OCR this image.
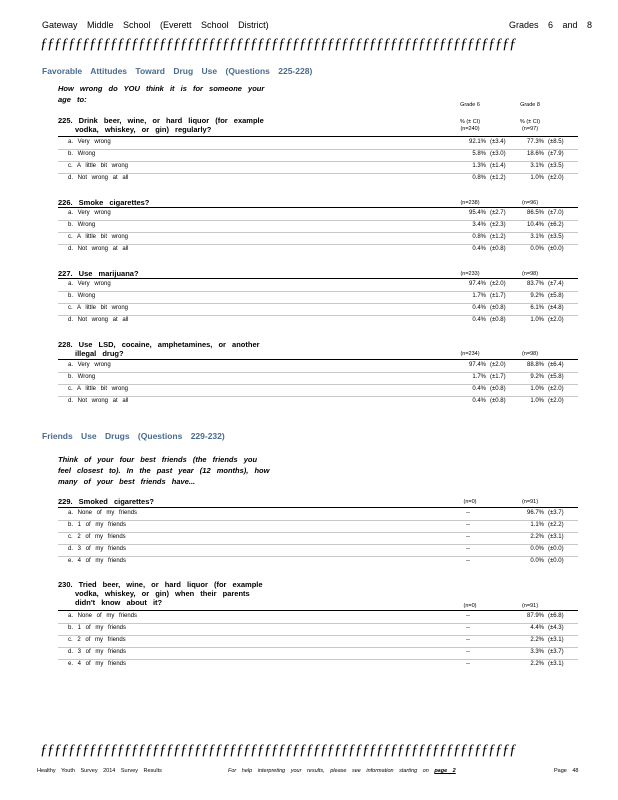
Gateway Middle School (Everett School District)	Grades 6 and 8
ƒƒƒƒƒƒƒƒƒƒƒƒƒƒƒƒƒƒƒƒƒƒƒƒƒƒƒƒƒƒƒƒƒƒƒƒƒƒƒƒƒƒƒƒƒƒƒƒƒƒƒƒƒƒƒƒƒƒƒƒƒƒƒƒƒƒƒƒ
Favorable Attitudes Toward Drug Use (Questions 225-228)
How wrong do YOU think it is for someone your
age to:
Grade 6	Grade 8
225. Drink beer, wine, or hard liquor (for example
vodka, whiskey, or gin) regularly?
% (± CI)	% (± CI)
(n=240)	(n=97)
a. Very wrong	92.1% (±3.4)	77.3% (±8.5)
b. Wrong	5.8% (±3.0)	18.6% (±7.9)
c. A little bit wrong	1.3% (±1.4)	3.1% (±3.5)
d. Not wrong at all	0.8% (±1.2)	1.0% (±2.0)
226. Smoke cigarettes?	(n=238)	(n=96)
a. Very wrong	95.4% (±2.7)	86.5% (±7.0)
b. Wrong	3.4% (±2.3)	10.4% (±6.2)
c. A little bit wrong	0.8% (±1.2)	3.1% (±3.5)
d. Not wrong at all	0.4% (±0.8)	0.0% (±0.0)
227. Use marijuana?	(n=233)	(n=98)
a. Very wrong	97.4% (±2.0)	83.7% (±7.4)
b. Wrong	1.7% (±1.7)	9.2% (±5.8)
c. A little bit wrong	0.4% (±0.8)	6.1% (±4.8)
d. Not wrong at all	0.4% (±0.8)	1.0% (±2.0)
228. Use LSD, cocaine, amphetamines, or another
illegal drug?	(n=234)	(n=98)
a. Very wrong	97.4% (±2.0)	88.8% (±6.4)
b. Wrong	1.7% (±1.7)	9.2% (±5.8)
c. A little bit wrong	0.4% (±0.8)	1.0% (±2.0)
d. Not wrong at all	0.4% (±0.8)	1.0% (±2.0)
Friends Use Drugs (Questions 229-232)
Think of your four best friends (the friends you
feel closest to). In the past year (12 months), how
many of your best friends have...
229. Smoked cigarettes?	(n=0)	(n=91)
a. None of my friends	--	96.7% (±3.7)
b. 1 of my friends	--	1.1% (±2.2)
c. 2 of my friends	--	2.2% (±3.1)
d. 3 of my friends	--	0.0% (±0.0)
e. 4 of my friends	--	0.0% (±0.0)
230. Tried beer, wine, or hard liquor (for example
vodka, whiskey, or gin) when their parents
didn't know about it?	(n=0)	(n=91)
a. None of my friends	--	87.9% (±6.8)
b. 1 of my friends	--	4.4% (±4.3)
c. 2 of my friends	--	2.2% (±3.1)
d. 3 of my friends	--	3.3% (±3.7)
e. 4 of my friends	--	2.2% (±3.1)
ƒƒƒƒƒƒƒƒƒƒƒƒƒƒƒƒƒƒƒƒƒƒƒƒƒƒƒƒƒƒƒƒƒƒƒƒƒƒƒƒƒƒƒƒƒƒƒƒƒƒƒƒƒƒƒƒƒƒƒƒƒƒƒƒƒƒƒƒ
Healthy Youth Survey 2014 Survey Results	For help interpreting your results, please see information starting on page 2	Page 48
